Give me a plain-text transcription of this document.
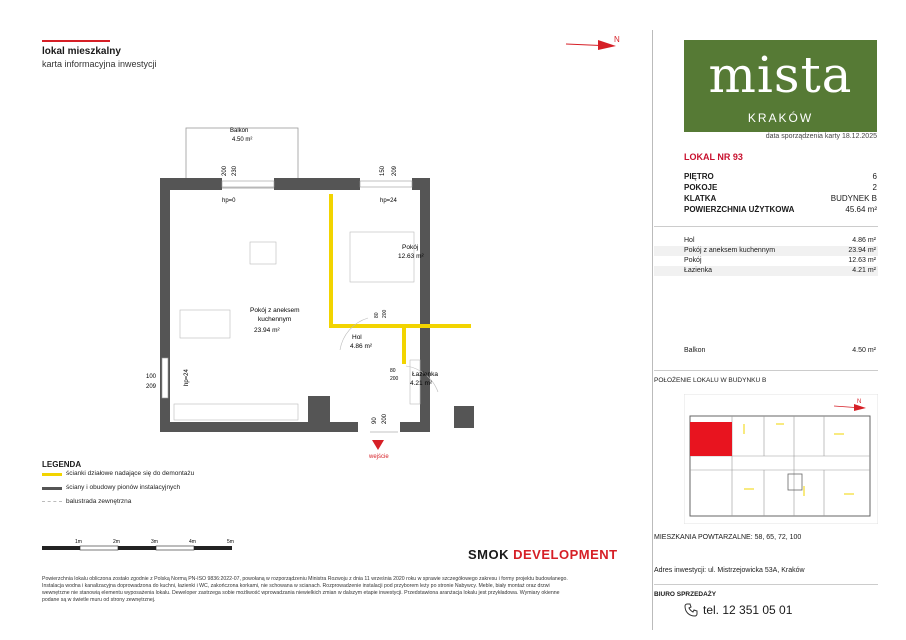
lokal mieszkalny
karta informacyjna inwestycji
N
Balkon
4.50 m²
Pokój z aneksem
kuchennym
23.94 m²
Pokój
12.63 m²
Hol
4.86 m²
Łazienka
4.21 m²
hp=0	hp=24
hp=24
200 230	150 209
100
209
80 200
80
200
90 200
wejście
mista
KRAKÓW
data sporządzenia karty 18.12.2025
LOKAL NR 93
PIĘTRO	6
POKOJE	2
KLATKA	BUDYNEK B
POWIERZCHNIA UŻYTKOWA	45.64 m²
Hol	4.86 m²
Pokój z aneksem kuchennym	23.94 m²
Pokój	12.63 m²
Łazienka	4.21 m²
Balkon	4.50 m²
POŁOŻENIE LOKALU W BUDYNKU B
N
MIESZKANIA POWTARZALNE: 58, 65, 72, 100
Adres inwestycji: ul. Mistrzejowicka 53A, Kraków
BIURO SPRZEDAŻY
tel. 12 351 05 01
LEGENDA
ścianki działowe nadające się do demontażu
ściany i obudowy pionów instalacyjnych
balustrada zewnętrzna
1m	2m	3m	4m	5m
SMOK DEVELOPMENT
Powierzchnia lokalu obliczona zostało zgodnie z Polską Normą PN-ISO 9836:2022-07, powołaną w rozporządzeniu Ministra Rozwoju z dnia 11 września 2020 roku w sprawie szczegółowego zakresu i formy projektu budowlanego. Instalacja wodna i kanalizacyjna doprowadzona do kuchni, łazienki i WC, zakończona korkami, nie schowana w scianach. Rozprowadzenie instalacji pod przyborem leży po stronie Nabywcy. Meble, biały montaż oraz drzwi wewnętrzne nie stanowią elementu wyposażenia lokalu. Deweloper zastrzega sobie możliwość wprowadzania niewielkich zmian w dalszym etapie inwestycji. Przedstawiona aranżacja lokalu jest przykładowa. Wymiary okienne podane są w świetle muru od strony zewnętrznej.
